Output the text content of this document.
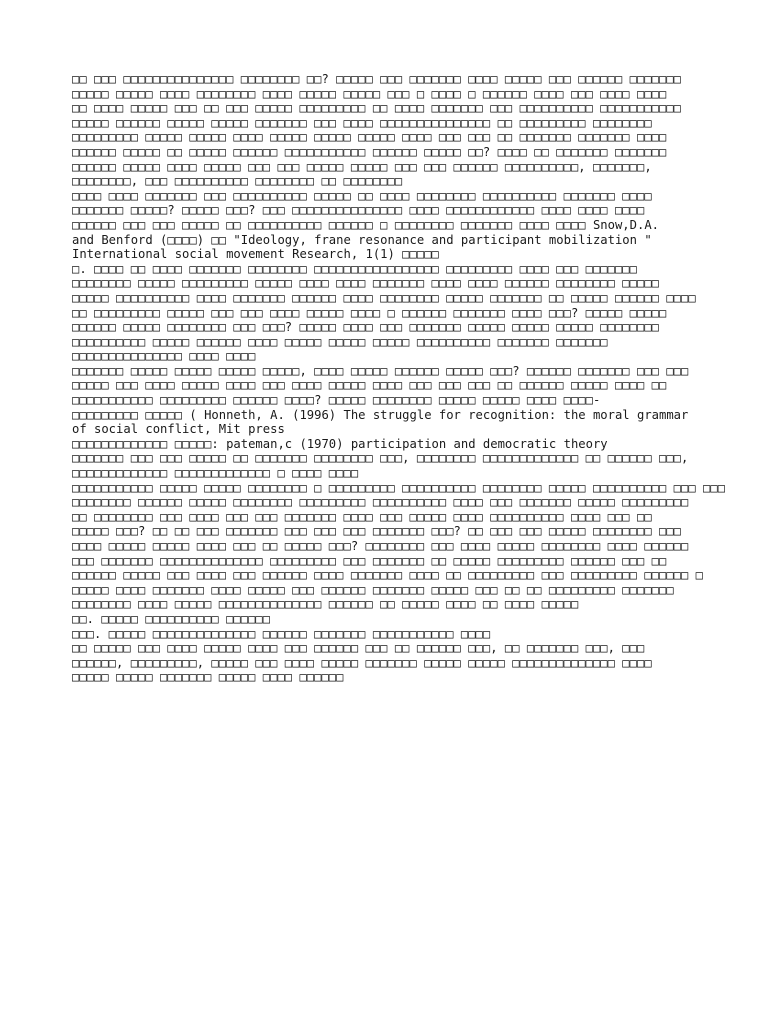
□□ □□□ □□□□□□□□□□□□□□□ □□□□□□□□ □□? □□□□□ □□□ □□□□□□□ □□□□ □□□□□ □□□ □□□□□□ □□□□□□□
□□□□□ □□□□□ □□□□ □□□□□□□□ □□□□ □□□□□ □□□□□ □□□ □ □□□□ □ □□□□□□ □□□□ □□□ □□□□ □□□□
□□ □□□□ □□□□□ □□□ □□ □□□ □□□□□ □□□□□□□□□ □□ □□□□ □□□□□□□ □□□ □□□□□□□□□□ □□□□□□□□□□□
□□□□□ □□□□□□ □□□□□ □□□□□ □□□□□□□ □□□ □□□□ □□□□□□□□□□□□□□□ □□ □□□□□□□□□ □□□□□□□□
□□□□□□□□□ □□□□□ □□□□□ □□□□ □□□□□ □□□□□ □□□□□ □□□□ □□□ □□□ □□ □□□□□□□ □□□□□□□ □□□□
□□□□□□ □□□□□ □□ □□□□□ □□□□□□ □□□□□□□□□□□ □□□□□□ □□□□□ □□? □□□□ □□ □□□□□□□ □□□□□□□
□□□□□□ □□□□□ □□□□ □□□□□ □□□ □□□ □□□□□ □□□□□ □□□ □□□ □□□□□□ □□□□□□□□□□, □□□□□□□,
□□□□□□□□, □□□ □□□□□□□□□□ □□□□□□□□ □□ □□□□□□□□
□□□□ □□□□ □□□□□□□ □□□ □□□□□□□□□□ □□□□□ □□ □□□□ □□□□□□□□ □□□□□□□□□□ □□□□□□□ □□□□
□□□□□□□ □□□□□? □□□□□ □□□? □□□ □□□□□□□□□□□□□□□ □□□□ □□□□□□□□□□□□ □□□□ □□□□ □□□□
□□□□□□ □□□ □□□ □□□□□ □□ □□□□□□□□□□ □□□□□□ □ □□□□□□□□ □□□□□□□ □□□□ □□□□ Snow,D.A.
and Benford (□□□□) □□ "Ideology, frane resonance and participant mobilization "
International social movement Research, 1(1) □□□□□
□. □□□□ □□ □□□□ □□□□□□□ □□□□□□□□ □□□□□□□□□□□□□□□□□ □□□□□□□□□ □□□□ □□□ □□□□□□□
□□□□□□□□ □□□□□ □□□□□□□□□ □□□□□ □□□□ □□□□ □□□□□□□ □□□□ □□□□ □□□□□□ □□□□□□□□ □□□□□
□□□□□ □□□□□□□□□□ □□□□ □□□□□□□ □□□□□□ □□□□ □□□□□□□□ □□□□□ □□□□□□□ □□ □□□□□ □□□□□□ □□□□
□□ □□□□□□□□□ □□□□□ □□□ □□□ □□□□ □□□□□ □□□□ □ □□□□□□ □□□□□□□ □□□□ □□□? □□□□□ □□□□□
□□□□□□ □□□□□ □□□□□□□□ □□□ □□□? □□□□□ □□□□ □□□ □□□□□□□ □□□□□ □□□□□ □□□□□ □□□□□□□□
□□□□□□□□□□ □□□□□ □□□□□□ □□□□ □□□□□ □□□□□ □□□□□ □□□□□□□□□□ □□□□□□□ □□□□□□□
□□□□□□□□□□□□□□□ □□□□ □□□□
□□□□□□□ □□□□□ □□□□□ □□□□□ □□□□□, □□□□ □□□□□ □□□□□□ □□□□□ □□□? □□□□□□ □□□□□□□ □□□ □□□
□□□□□ □□□ □□□□ □□□□□ □□□□ □□□ □□□□ □□□□□ □□□□ □□□ □□□ □□□ □□ □□□□□□ □□□□□ □□□□ □□
□□□□□□□□□□□ □□□□□□□□□ □□□□□□ □□□□? □□□□□ □□□□□□□□ □□□□□ □□□□□ □□□□ □□□□-
□□□□□□□□□ □□□□□ ( Honneth, A. (1996) The struggle for recognition: the moral grammar
of social conflict, Mit press
□□□□□□□□□□□□□ □□□□□: pateman,c (1970) participation and democratic theory
□□□□□□□ □□□ □□□ □□□□□ □□ □□□□□□□ □□□□□□□□ □□□, □□□□□□□□ □□□□□□□□□□□□□ □□ □□□□□□ □□□,
□□□□□□□□□□□□□ □□□□□□□□□□□□□ □ □□□□ □□□□
□□□□□□□□□□□ □□□□□ □□□□□ □□□□□□□□ □ □□□□□□□□□ □□□□□□□□□□ □□□□□□□□ □□□□□ □□□□□□□□□□ □□□ □□□
□□□□□□□□ □□□□□□ □□□□□ □□□□□□□□ □□□□□□□□□ □□□□□□□□□□ □□□□ □□□ □□□□□□□ □□□□□ □□□□□□□□□
□□ □□□□□□□□ □□□ □□□□ □□□ □□□ □□□□□□□ □□□□ □□□ □□□□□ □□□□ □□□□□□□□□□ □□□□ □□□ □□
□□□□□ □□□? □□ □□ □□□ □□□□□□□ □□□ □□□ □□□ □□□□□□□ □□□? □□ □□□ □□□ □□□□□ □□□□□□□□ □□□
□□□□ □□□□□ □□□□□ □□□□ □□□ □□ □□□□□ □□□? □□□□□□□□ □□□ □□□□ □□□□□ □□□□□□□□ □□□□ □□□□□□
□□□ □□□□□□□ □□□□□□□□□□□□□□ □□□□□□□□□ □□□ □□□□□□□ □□ □□□□□ □□□□□□□□□ □□□□□□ □□□ □□
□□□□□□ □□□□□ □□□ □□□□ □□□ □□□□□□ □□□□ □□□□□□□ □□□□ □□ □□□□□□□□□ □□□ □□□□□□□□□ □□□□□□ □
□□□□□ □□□□ □□□□□□□ □□□□ □□□□□ □□□ □□□□□□ □□□□□□□ □□□□□ □□□ □□ □□ □□□□□□□□□ □□□□□□□
□□□□□□□□ □□□□ □□□□□ □□□□□□□□□□□□□□ □□□□□□ □□ □□□□□ □□□□ □□ □□□□ □□□□□
□□. □□□□□ □□□□□□□□□□ □□□□□□
□□□. □□□□□ □□□□□□□□□□□□□□ □□□□□□ □□□□□□□ □□□□□□□□□□□ □□□□
□□ □□□□□ □□□ □□□□ □□□□□ □□□□ □□□ □□□□□□ □□□ □□ □□□□□□ □□□, □□ □□□□□□□ □□□, □□□
□□□□□□, □□□□□□□□□, □□□□□ □□□ □□□□ □□□□□ □□□□□□□ □□□□□ □□□□□ □□□□□□□□□□□□□□ □□□□
□□□□□ □□□□□ □□□□□□□ □□□□□ □□□□ □□□□□□
